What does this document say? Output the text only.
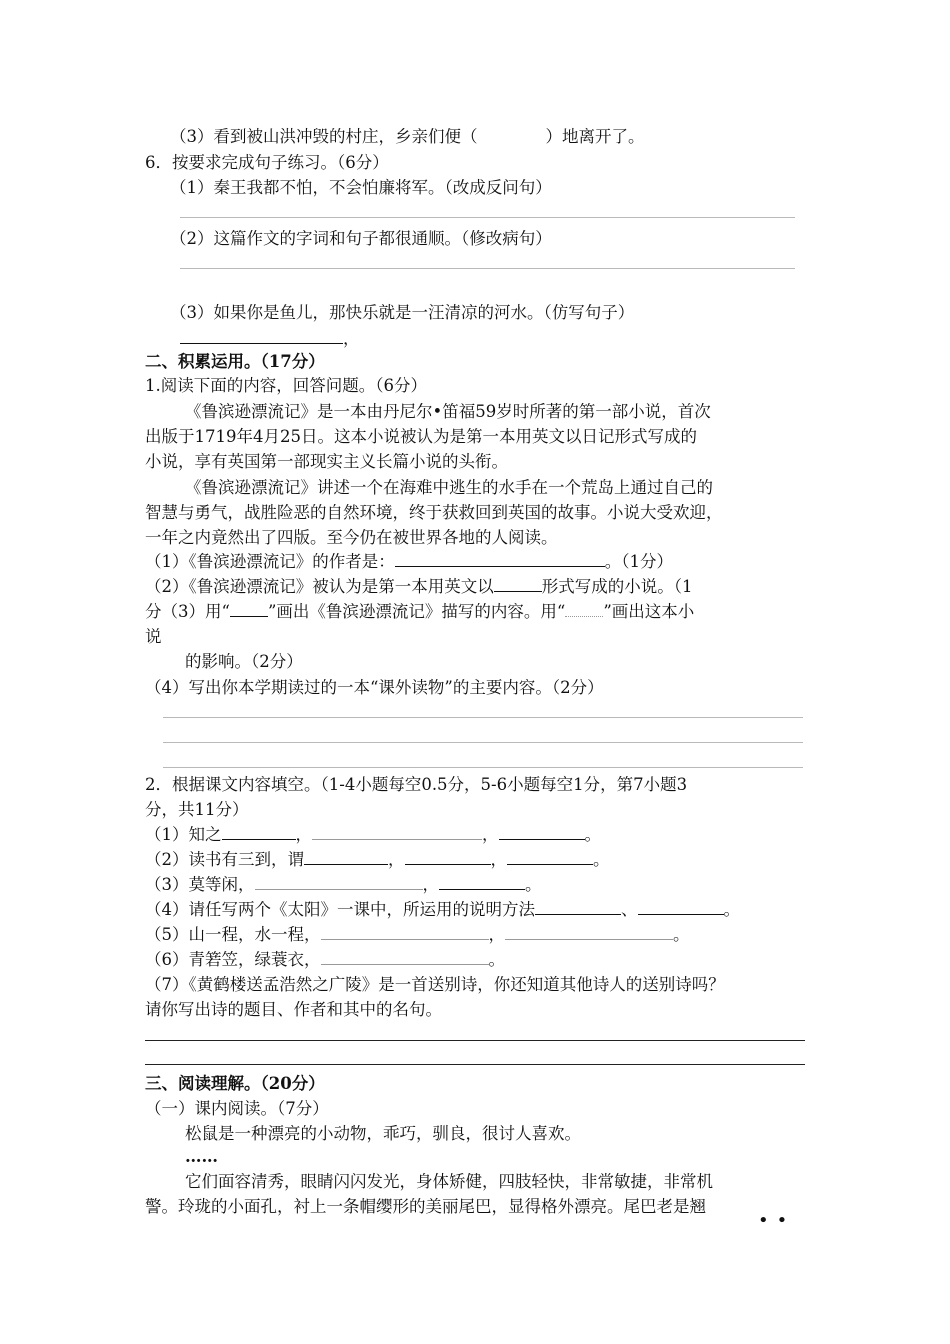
（3）看到被山洪冲毁的村庄，乡亲们便（	）地离开了。
6．按要求完成句子练习。（6分）
（1）秦王我都不怕，不会怕廉将军。（改成反问句）
（2）这篇作文的字词和句子都很通顺。（修改病句）
（3）如果你是鱼儿，那快乐就是一汪清凉的河水。（仿写句子）
，
二、积累运用。（17分）
1.阅读下面的内容，回答问题。（6分）
《鲁滨逊漂流记》是一本由丹尼尔•笛福59岁时所著的第一部小说，首次
出版于1719年4月25日。这本小说被认为是第一本用英文以日记形式写成的
小说，享有英国第一部现实主义长篇小说的头衔。
《鲁滨逊漂流记》讲述一个在海难中逃生的水手在一个荒岛上通过自己的
智慧与勇气，战胜险恶的自然环境，终于获救回到英国的故事。小说大受欢迎，
一年之内竟然出了四版。至今仍在被世界各地的人阅读。
（1）《鲁滨逊漂流记》的作者是：	。（1分）
（2）《鲁滨逊漂流记》被认为是第一本用英文以	形式写成的小说。（1
分（3）用“ ”画出《鲁滨逊漂流记》描写的内容。用“ ”画出这本小
说
的影响。（2分）
（4）写出你本学期读过的一本“课外读物”的主要内容。（2分）
2．根据课文内容填空。（1-4小题每空0.5分，5-6小题每空1分，第7小题3
分，共11分）
（1）知之	，	，	。
（2）读书有三到，谓	，	，	。
（3）莫等闲，	，	。
（4）请任写两个《太阳》一课中，所运用的说明方法	、	。
（5）山一程，水一程，	，	。
（6）青箬笠，绿蓑衣，	。
（7）《黄鹤楼送孟浩然之广陵》是一首送别诗，你还知道其他诗人的送别诗吗？
请你写出诗的题目、作者和其中的名句。
三、阅读理解。（20分）
（一）课内阅读。（7分）
松鼠是一种漂亮的小动物，乖巧，驯良，很讨人喜欢。
……
它们面容清秀，眼睛闪闪发光，身体矫健，四肢轻快，非常敏捷，非常机
警。玲珑的小面孔，衬上一条帽缨形的美丽尾巴，显得格外漂亮。尾巴老是翘
••
